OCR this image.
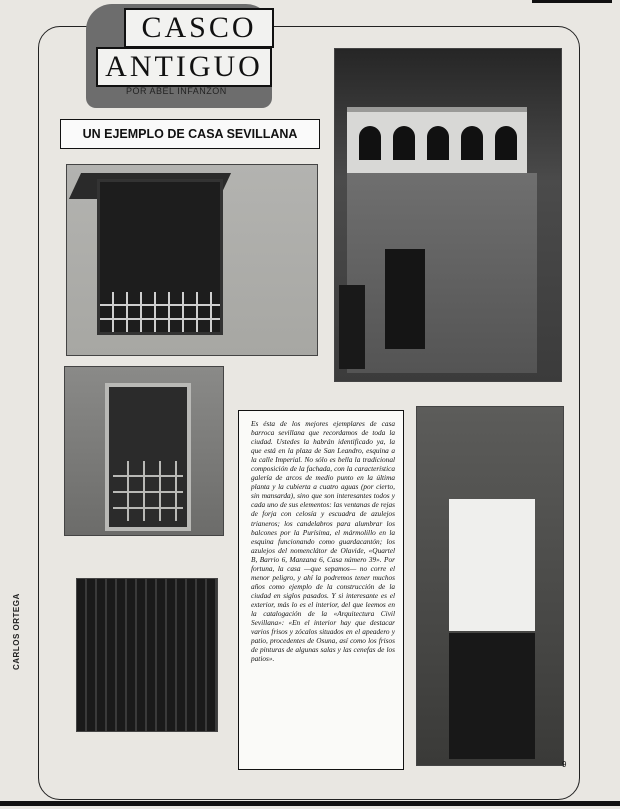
CASCO
ANTIGUO
POR ABEL INFANZÓN
UN EJEMPLO DE CASA SEVILLANA

Es ésta de los mejores ejemplares de casa barroca sevillana que recordamos de toda la ciudad. Ustedes la habrán identificado ya, la que está en la plaza de San Leandro, esquina a la calle Imperial. No sólo es bella la tradicional composición de la fachada, con la característica galería de arcos de medio punto en la última planta y la cubierta a cuatro aguas (por cierto, sin mansarda), sino que son interesantes todos y cada uno de sus elementos: las ventanas de rejas de forja con celosía y escuadra de azulejos trianeros; los candelabros para alumbrar los balcones por la Purísima, el mármolillo en la esquina funcionando como guardacantón; los azulejos del nomenclátor de Olavide, «Quartel B, Barrio 6, Manzana 6, Casa número 39». Por fortuna, la casa —que sepamos— no corre el menor peligro, y ahí la podremos tener muchos años como ejemplo de la construcción de la ciudad en siglos pasados. Y si interesante es el exterior, más lo es el interior, del que leemos en la catalogación de la «Arquitectura Civil Sevillana»: «En el interior hay que destacar varios frisos y zócalos situados en el apeadero y patio, procedentes de Osuna, así como los frisos de pinturas de algunas salas y las cenefas de los patios».

CARLOS ORTEGA
9
